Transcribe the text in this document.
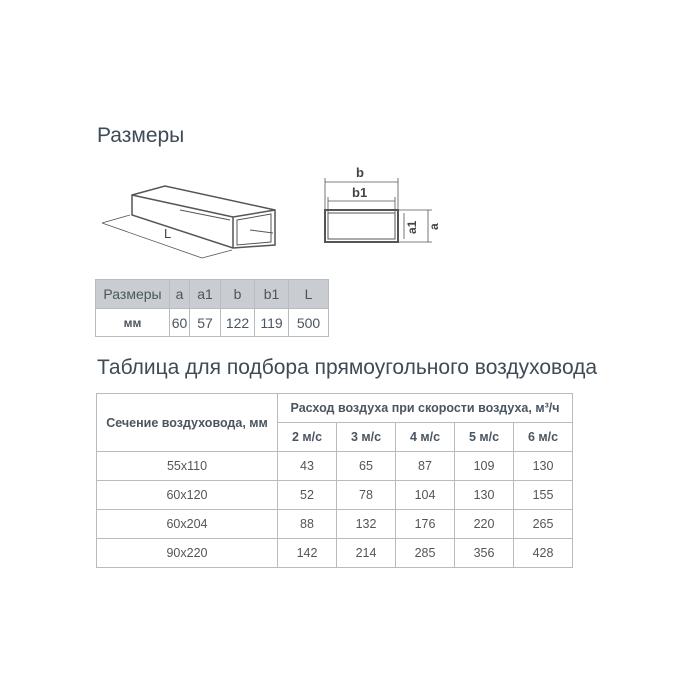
Размеры
L
b
b1
a1 a
Размеры	a	a1	b	b1	L
мм	60	57	122	119	500
Таблица для подбора прямоугольного воздуховода
Сечение воздуховода, мм	Расход воздуха при скорости воздуха, м³/ч				
	2 м/с	3 м/с	4 м/с	5 м/с	6 м/с
55x110	43	65	87	109	130
60x120	52	78	104	130	155
60x204	88	132	176	220	265
90x220	142	214	285	356	428
